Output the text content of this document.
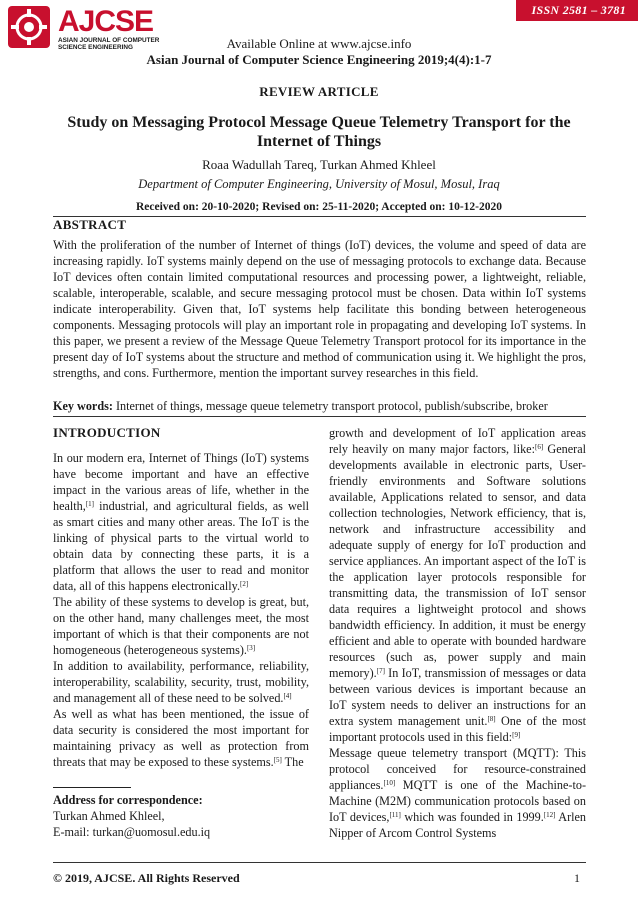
AJCSE
ASIAN JOURNAL OF COMPUTER SCIENCE ENGINEERING
ISSN 2581 – 3781
Available Online at www.ajcse.info
Asian Journal of Computer Science Engineering 2019;4(4):1-7
REVIEW ARTICLE
Study on Messaging Protocol Message Queue Telemetry Transport for the Internet of Things
Roaa Wadullah Tareq, Turkan Ahmed Khleel
Department of Computer Engineering, University of Mosul, Mosul, Iraq
Received on: 20-10-2020; Revised on: 25-11-2020; Accepted on: 10-12-2020
ABSTRACT
With the proliferation of the number of Internet of things (IoT) devices, the volume and speed of data are increasing rapidly. IoT systems mainly depend on the use of messaging protocols to exchange data. Because IoT devices often contain limited computational resources and processing power, a lightweight, reliable, scalable, interoperable, scalable, and secure messaging protocol must be chosen. Data within IoT systems indicate interoperability. Given that, IoT systems help facilitate this bonding between heterogeneous components. Messaging protocols will play an important role in propagating and developing IoT systems. In this paper, we present a review of the Message Queue Telemetry Transport protocol for its importance in the present day of IoT systems about the structure and method of communication using it. We highlight the pros, strengths, and cons. Furthermore, mention the important survey researches in this field.
Key words: Internet of things, message queue telemetry transport protocol, publish/subscribe, broker
INTRODUCTION

In our modern era, Internet of Things (IoT) systems have become important and have an effective impact in the various areas of life, whether in the health,[1] industrial, and agricultural fields, as well as smart cities and many other areas. The IoT is the linking of physical parts to the virtual world to obtain data by connecting these parts, it is a platform that allows the user to read and monitor data, all of this happens electronically.[2]

The ability of these systems to develop is great, but, on the other hand, many challenges meet, the most important of which is that their components are not homogeneous (heterogeneous systems).[3]

In addition to availability, performance, reliability, interoperability, scalability, security, trust, mobility, and management all of these need to be solved.[4]

As well as what has been mentioned, the issue of data security is considered the most important for maintaining privacy as well as protection from threats that may be exposed to these systems.[5] The

growth and development of IoT application areas rely heavily on many major factors, like:[6] General developments available in electronic parts, User-friendly environments and Software solutions available, Applications related to sensor, and data collection technologies, Network efficiency, that is, network and infrastructure accessibility and adequate supply of energy for IoT production and service appliances. An important aspect of the IoT is the application layer protocols responsible for transmitting data, the transmission of IoT sensor data requires a lightweight protocol and shows bandwidth efficiency. In addition, it must be energy efficient and able to operate with bounded hardware resources (such as, power supply and main memory).[7] In IoT, transmission of messages or data between various devices is important because an IoT system needs to deliver an instructions for an extra system management unit.[8] One of the most important protocols used in this field:[9]

Message queue telemetry transport (MQTT): This protocol conceived for resource-constrained appliances.[10] MQTT is one of the Machine-to-Machine (M2M) communication protocols based on IoT devices,[11] which was founded in 1999.[12] Arlen Nipper of Arcom Control Systems

Address for correspondence:
Turkan Ahmed Khleel,
E-mail: turkan@uomosul.edu.iq
© 2019, AJCSE. All Rights Reserved	1
